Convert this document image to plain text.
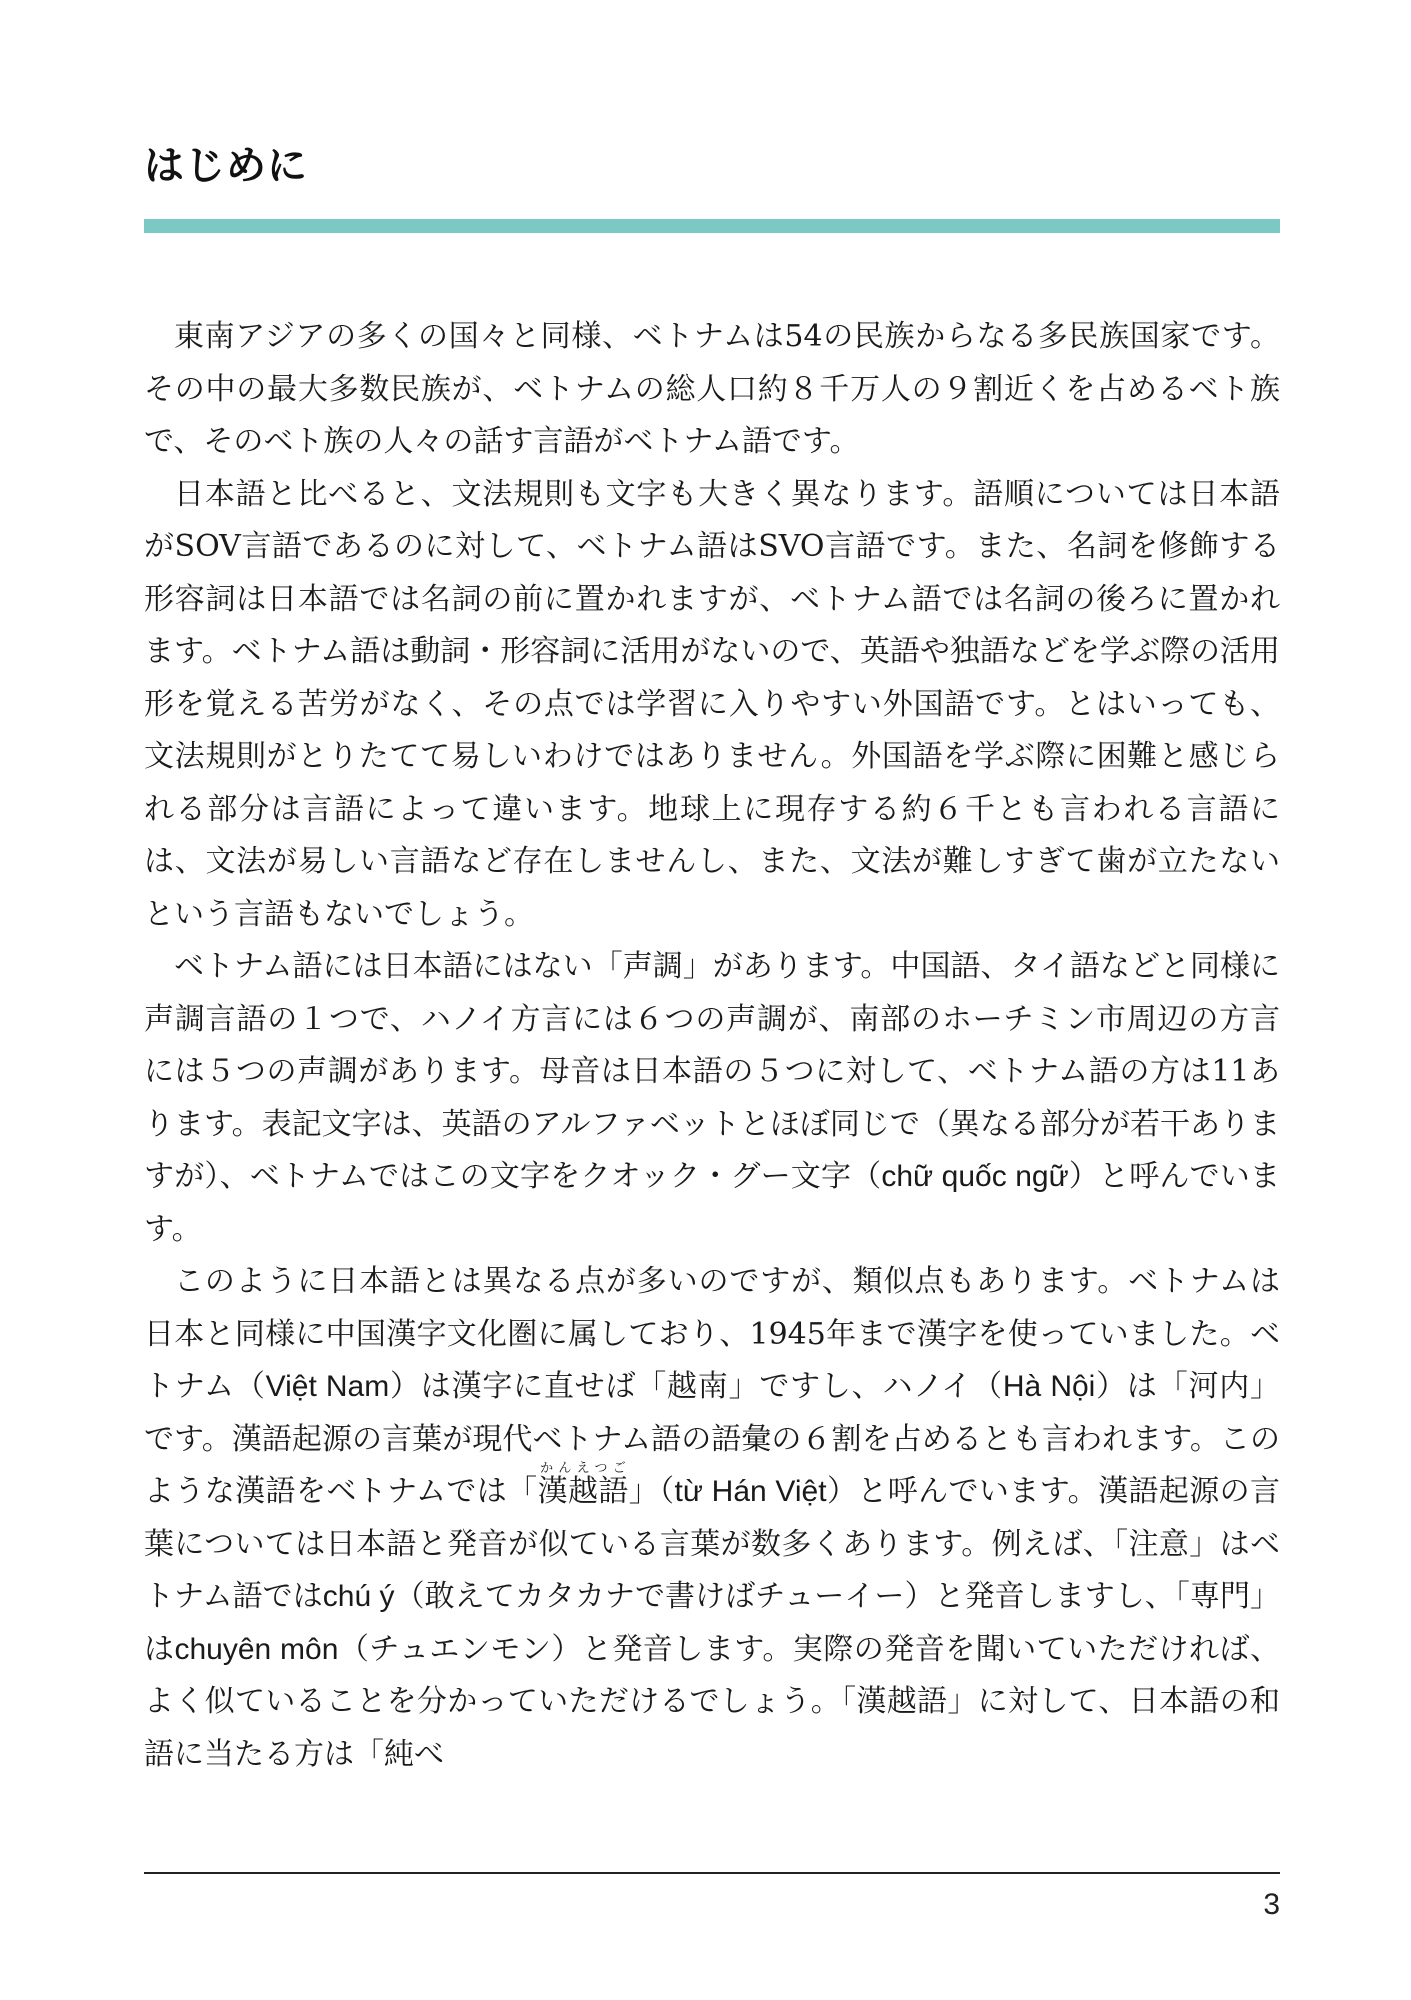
はじめに

東南アジアの多くの国々と同様、ベトナムは54の民族からなる多民族国家です。その中の最大多数民族が、ベトナムの総人口約８千万人の９割近くを占めるベト族で、そのベト族の人々の話す言語がベトナム語です。

日本語と比べると、文法規則も文字も大きく異なります。語順については日本語がSOV言語であるのに対して、ベトナム語はSVO言語です。また、名詞を修飾する形容詞は日本語では名詞の前に置かれますが、ベトナム語では名詞の後ろに置かれます。ベトナム語は動詞・形容詞に活用がないので、英語や独語などを学ぶ際の活用形を覚える苦労がなく、その点では学習に入りやすい外国語です。とはいっても、文法規則がとりたてて易しいわけではありません。外国語を学ぶ際に困難と感じられる部分は言語によって違います。地球上に現存する約６千とも言われる言語には、文法が易しい言語など存在しませんし、また、文法が難しすぎて歯が立たないという言語もないでしょう。

ベトナム語には日本語にはない「声調」があります。中国語、タイ語などと同様に声調言語の１つで、ハノイ方言には６つの声調が、南部のホーチミン市周辺の方言には５つの声調があります。母音は日本語の５つに対して、ベトナム語の方は11あります。表記文字は、英語のアルファベットとほぼ同じで（異なる部分が若干ありますが）、ベトナムではこの文字をクオック・グー文字（chữ quốc ngữ）と呼んでいます。

このように日本語とは異なる点が多いのですが、類似点もあります。ベトナムは日本と同様に中国漢字文化圏に属しており、1945年まで漢字を使っていました。ベトナム（Việt Nam）は漢字に直せば「越南」ですし、ハノイ（Hà Nội）は「河内」です。漢語起源の言葉が現代ベトナム語の語彙の６割を占めるとも言われます。このような漢語をベトナムでは「漢越語かんえつご」（từ Hán Việt）と呼んでいます。漢語起源の言葉については日本語と発音が似ている言葉が数多くあります。例えば、「注意」はベトナム語ではchú ý（敢えてカタカナで書けばチューイー）と発音しますし、「専門」はchuyên môn（チュエンモン）と発音します。実際の発音を聞いていただければ、よく似ていることを分かっていただけるでしょう。「漢越語」に対して、日本語の和語に当たる方は「純べ

3
